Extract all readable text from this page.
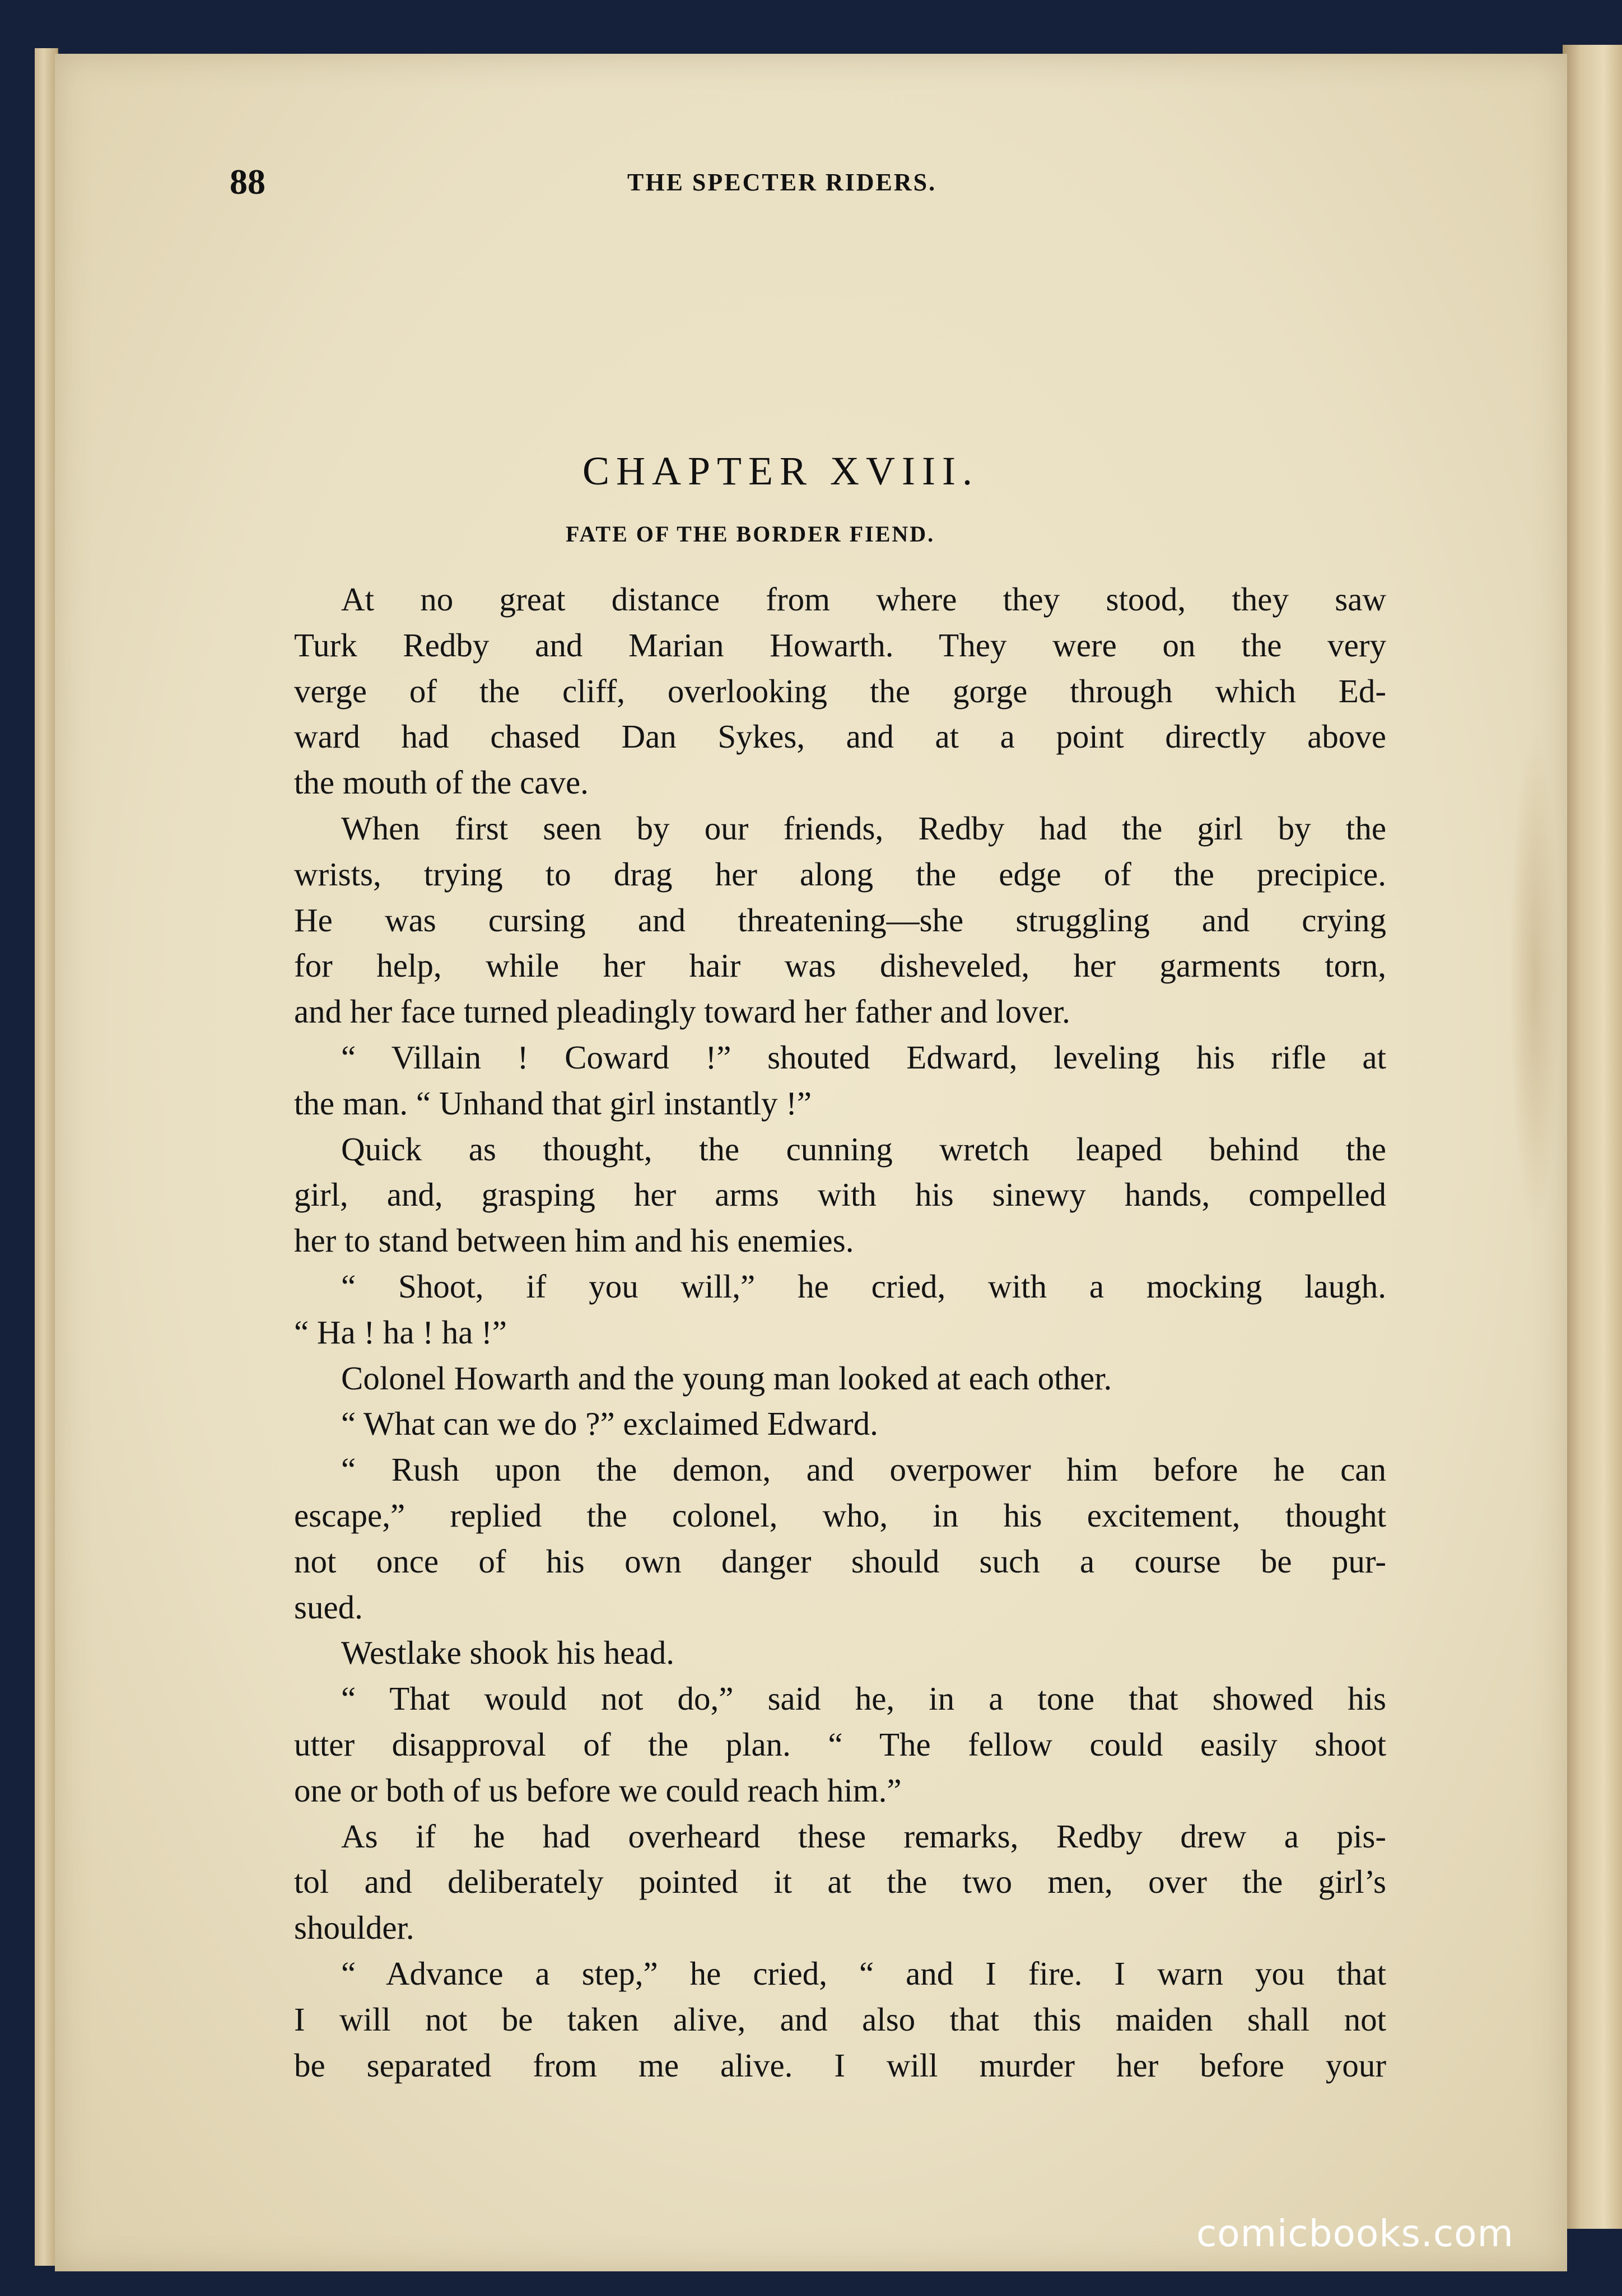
88	THE SPECTER RIDERS.
CHAPTER XVIII.
FATE OF THE BORDER FIEND.
At no great distance from where they stood, they saw
Turk Redby and Marian Howarth. They were on the very
verge of the cliff, overlooking the gorge through which Ed-
ward had chased Dan Sykes, and at a point directly above
the mouth of the cave.
When first seen by our friends, Redby had the girl by the
wrists, trying to drag her along the edge of the precipice.
He was cursing and threatening—she struggling and crying
for help, while her hair was disheveled, her garments torn,
and her face turned pleadingly toward her father and lover.
“ Villain ! Coward !” shouted Edward, leveling his rifle at
the man. “ Unhand that girl instantly !”
Quick as thought, the cunning wretch leaped behind the
girl, and, grasping her arms with his sinewy hands, compelled
her to stand between him and his enemies.
“ Shoot, if you will,” he cried, with a mocking laugh.
“ Ha ! ha ! ha !”
Colonel Howarth and the young man looked at each other.
“ What can we do ?” exclaimed Edward.
“ Rush upon the demon, and overpower him before he can
escape,” replied the colonel, who, in his excitement, thought
not once of his own danger should such a course be pur-
sued.
Westlake shook his head.
“ That would not do,” said he, in a tone that showed his
utter disapproval of the plan. “ The fellow could easily shoot
one or both of us before we could reach him.”
As if he had overheard these remarks, Redby drew a pis-
tol and deliberately pointed it at the two men, over the girl’s
shoulder.
“ Advance a step,” he cried, “ and I fire. I warn you that
I will not be taken alive, and also that this maiden shall not
be separated from me alive. I will murder her before your
comicbooks.com
